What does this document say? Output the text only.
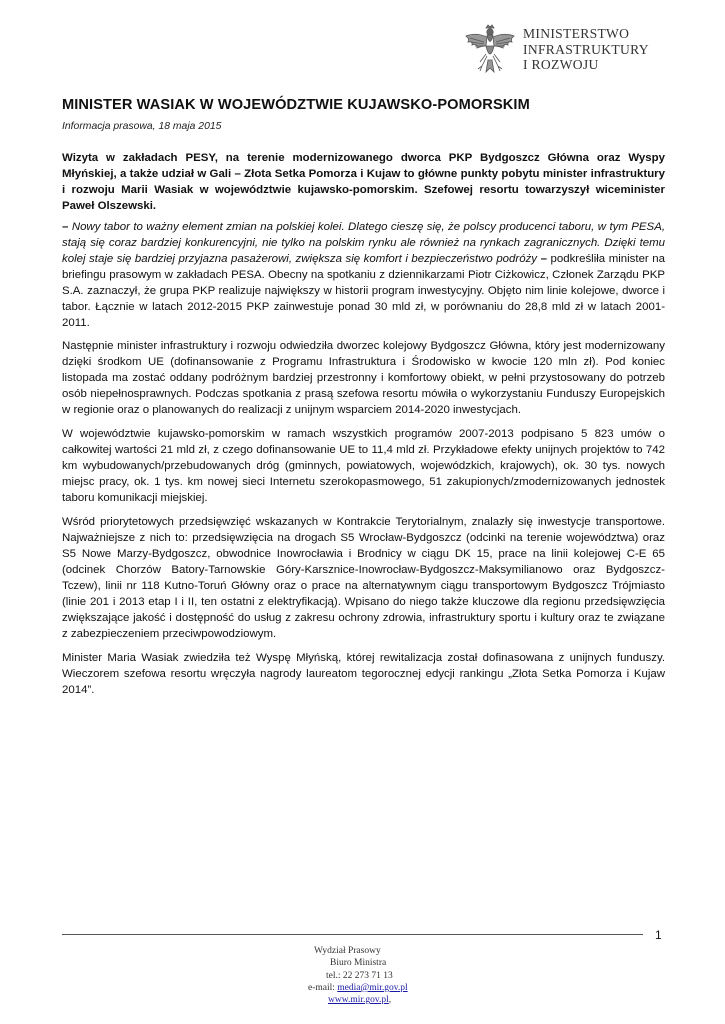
MINISTERSTWO
INFRASTRUKTURY
I ROZWOJU
MINISTER WASIAK W WOJEWÓDZTWIE KUJAWSKO-POMORSKIM
Informacja prasowa, 18 maja 2015

Wizyta w zakładach PESY, na terenie modernizowanego dworca PKP Bydgoszcz Główna oraz Wyspy Młyńskiej, a także udział w Gali – Złota Setka Pomorza i Kujaw to główne punkty pobytu minister infrastruktury i rozwoju Marii Wasiak w województwie kujawsko-pomorskim. Szefowej resortu towarzyszył wiceminister Paweł Olszewski.

– Nowy tabor to ważny element zmian na polskiej kolei. Dlatego cieszę się, że polscy producenci taboru, w tym PESA, stają się coraz bardziej konkurencyjni, nie tylko na polskim rynku ale również na rynkach zagranicznych. Dzięki temu kolej staje się bardziej przyjazna pasażerowi, zwiększa się komfort i bezpieczeństwo podróży – podkreśliła minister na briefingu prasowym w zakładach PESA. Obecny na spotkaniu z dziennikarzami Piotr Ciżkowicz, Członek Zarządu PKP S.A. zaznaczył, że grupa PKP realizuje największy w historii program inwestycyjny. Objęto nim linie kolejowe, dworce i tabor. Łącznie w latach 2012-2015 PKP zainwestuje ponad 30 mld zł, w porównaniu do 28,8 mld zł w latach 2001-2011.

Następnie minister infrastruktury i rozwoju odwiedziła dworzec kolejowy Bydgoszcz Główna, który jest modernizowany dzięki środkom UE (dofinansowanie z Programu Infrastruktura i Środowisko w kwocie 120 mln zł). Pod koniec listopada ma zostać oddany podróżnym bardziej przestronny i komfortowy obiekt, w pełni przystosowany do potrzeb osób niepełnosprawnych. Podczas spotkania z prasą szefowa resortu mówiła o wykorzystaniu Funduszy Europejskich w regionie oraz o planowanych do realizacji z unijnym wsparciem 2014-2020 inwestycjach.

W województwie kujawsko-pomorskim w ramach wszystkich programów 2007-2013 podpisano 5 823 umów o całkowitej wartości 21 mld zł, z czego dofinansowanie UE to 11,4 mld zł. Przykładowe efekty unijnych projektów to 742 km wybudowanych/przebudowanych dróg (gminnych, powiatowych, wojewódzkich, krajowych), ok. 30 tys. nowych miejsc pracy, ok. 1 tys. km nowej sieci Internetu szerokopasmowego, 51 zakupionych/zmodernizowanych jednostek taboru komunikacji miejskiej.

Wśród priorytetowych przedsięwzięć wskazanych w Kontrakcie Terytorialnym, znalazły się inwestycje transportowe. Najważniejsze z nich to: przedsięwzięcia na drogach S5 Wrocław-Bydgoszcz (odcinki na terenie województwa) oraz S5 Nowe Marzy-Bydgoszcz, obwodnice Inowrocławia i Brodnicy w ciągu DK 15, prace na linii kolejowej C-E 65 (odcinek Chorzów Batory-Tarnowskie Góry-Karsznice-Inowrocław-Bydgoszcz-Maksymilianowo oraz Bydgoszcz-Tczew), linii nr 118 Kutno-Toruń Główny oraz o prace na alternatywnym ciągu transportowym Bydgoszcz Trójmiasto (linie 201 i 2013 etap I i II, ten ostatni z elektryfikacją). Wpisano do niego także kluczowe dla regionu przedsięwzięcia zwiększające jakość i dostępność do usług z zakresu ochrony zdrowia, infrastruktury sportu i kultury oraz te związane z zabezpieczeniem przeciwpowodziowym.

Minister Maria Wasiak zwiedziła też Wyspę Młyńską, której rewitalizacja został dofinasowana z unijnych funduszy. Wieczorem szefowa resortu wręczyła nagrody laureatom tegorocznej edycji rankingu „Złota Setka Pomorza i Kujaw 2014”.

1
Wydział Prasowy
Biuro Ministra
tel.: 22 273 71 13
e-mail: media@mir.gov.pl
www.mir.gov.pl,
